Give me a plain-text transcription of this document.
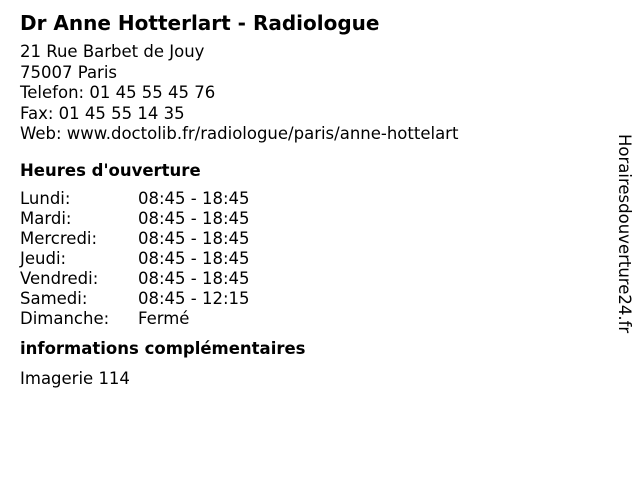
Dr Anne Hotterlart - Radiologue
21 Rue Barbet de Jouy
75007 Paris
Telefon: 01 45 55 45 76
Fax: 01 45 55 14 35
Web: www.doctolib.fr/radiologue/paris/anne-hottelart
Heures d'ouverture
Lundi:	08:45 - 18:45
Mardi:	08:45 - 18:45
Mercredi:	08:45 - 18:45
Jeudi:	08:45 - 18:45
Vendredi:	08:45 - 18:45
Samedi:	08:45 - 12:15
Dimanche:	Fermé
informations complémentaires
Imagerie 114
Horairesdouverture24.fr
